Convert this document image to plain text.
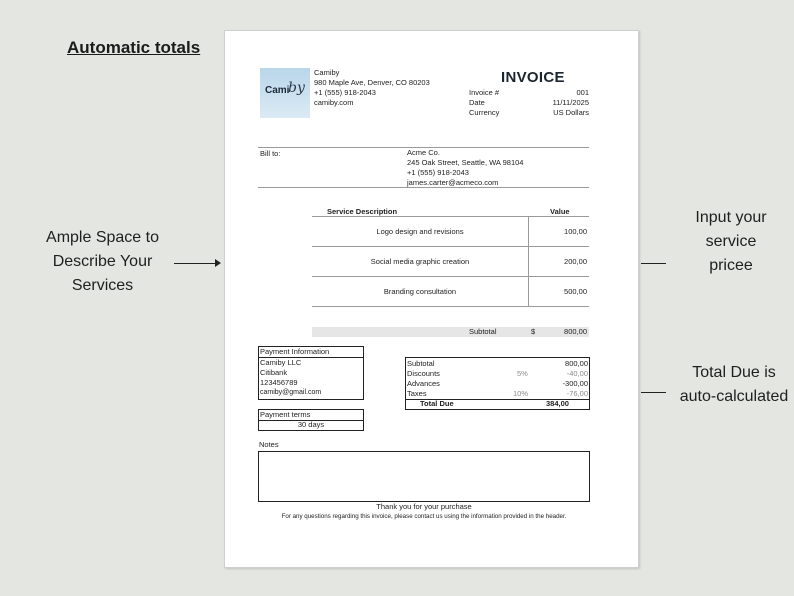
Automatic totals
Ample Space to
Describe Your
Services
Input your
service
pricee
Total Due is
auto-calculated
Cami
by
Camiby
980 Maple Ave, Denver, CO 80203
+1 (555) 918-2043
camiby.com
INVOICE
Invoice #	001
Date	11/11/2025
Currency	US Dollars
Bill to:	Acme Co.
245 Oak Street, Seattle, WA 98104
+1 (555) 918-2043
james.carter@acmeco.com
Service Description	Value
Logo design and revisions	100,00
Social media graphic creation	200,00
Branding consultation	500,00
Subtotal	$	800,00
Payment Information
Camiby LLC
Citibank
123456789
camiby@gmail.com
Payment terms
30 days
Subtotal	800,00
Discounts	5%	-40,00
Advances	-300,00
Taxes	10%	-76,00
Total Due	384,00
Notes
Thank you for your purchase
For any questions regarding this invoice, please contact us using the information provided in the header.
